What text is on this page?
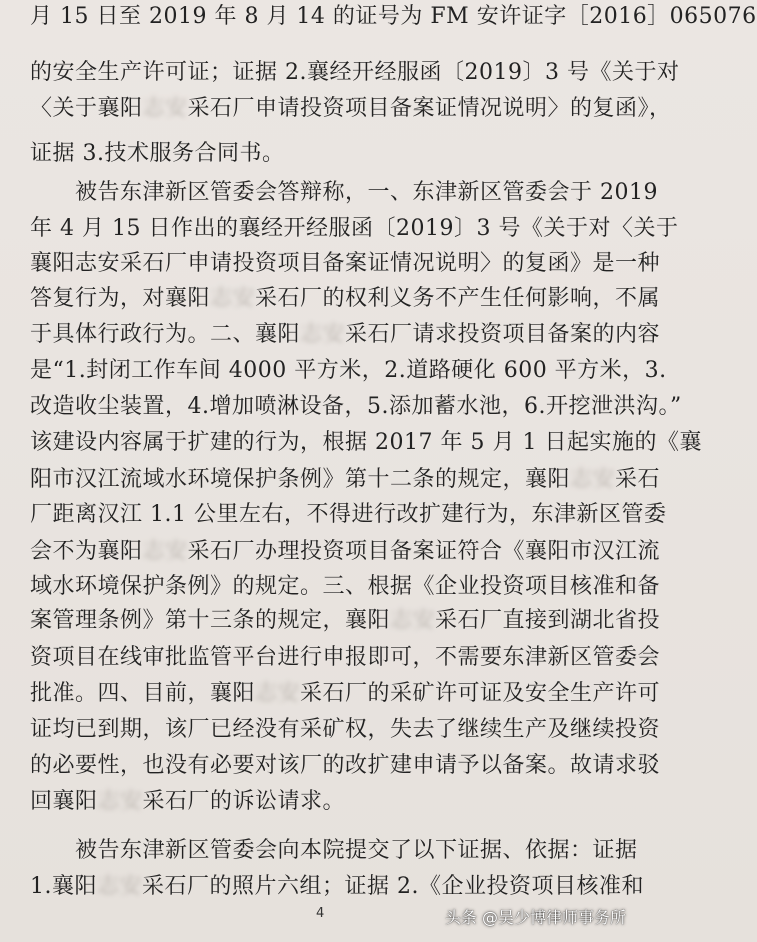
月 15 日至 2019 年 8 月 14 的证号为 FM 安许证字［2016］065076
的安全生产许可证；证据 2.襄经开经服函〔2019〕3 号《关于对
〈关于襄阳志安采石厂申请投资项目备案证情况说明〉的复函》，
证据 3.技术服务合同书。
　　被告东津新区管委会答辩称，一、东津新区管委会于 2019
年 4 月 15 日作出的襄经开经服函〔2019〕3 号《关于对〈关于
襄阳志安采石厂申请投资项目备案证情况说明〉的复函》是一种
答复行为，对襄阳志安采石厂的权利义务不产生任何影响，不属
于具体行政行为。二、襄阳志安采石厂请求投资项目备案的内容
是“1.封闭工作车间 4000 平方米，2.道路硬化 600 平方米，3.
改造收尘装置，4.增加喷淋设备，5.添加蓄水池，6.开挖泄洪沟。”
该建设内容属于扩建的行为，根据 2017 年 5 月 1 日起实施的《襄
阳市汉江流域水环境保护条例》第十二条的规定，襄阳志安采石
厂距离汉江 1.1 公里左右，不得进行改扩建行为，东津新区管委
会不为襄阳志安采石厂办理投资项目备案证符合《襄阳市汉江流
域水环境保护条例》的规定。三、根据《企业投资项目核准和备
案管理条例》第十三条的规定，襄阳志安采石厂直接到湖北省投
资项目在线审批监管平台进行申报即可，不需要东津新区管委会
批准。四、目前，襄阳志安采石厂的采矿许可证及安全生产许可
证均已到期，该厂已经没有采矿权，失去了继续生产及继续投资
的必要性，也没有必要对该厂的改扩建申请予以备案。故请求驳
回襄阳志安采石厂的诉讼请求。
　　被告东津新区管委会向本院提交了以下证据、依据：证据
1.襄阳志安采石厂的照片六组；证据 2.《企业投资项目核准和
4	头条 @吴少博律师事务所
